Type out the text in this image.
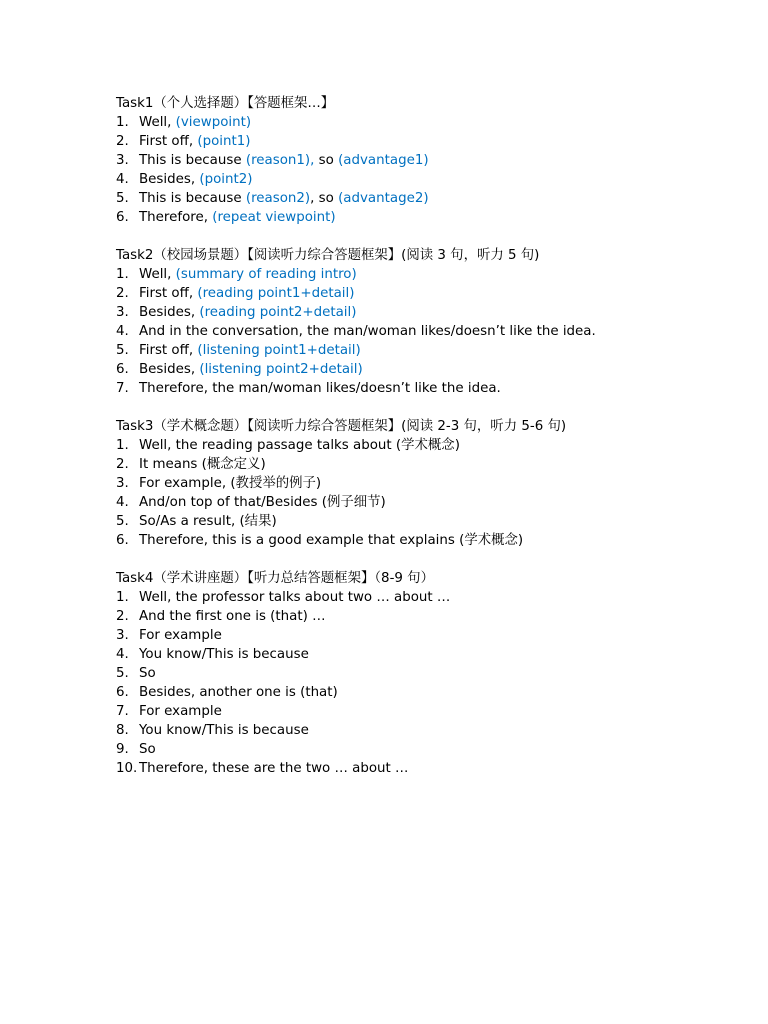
Task1（个人选择题）【答题框架…】
1. Well, (viewpoint)
2. First off, (point1)
3. This is because (reason1), so (advantage1)
4. Besides, (point2)
5. This is because (reason2), so (advantage2)
6. Therefore, (repeat viewpoint)
Task2（校园场景题）【阅读听力综合答题框架】(阅读 3 句，听力 5 句)
1. Well, (summary of reading intro)
2. First off, (reading point1+detail)
3. Besides, (reading point2+detail)
4. And in the conversation, the man/woman likes/doesn’t like the idea.
5. First off, (listening point1+detail)
6. Besides, (listening point2+detail)
7. Therefore, the man/woman likes/doesn’t like the idea.
Task3（学术概念题）【阅读听力综合答题框架】(阅读 2-3 句，听力 5-6 句)
1. Well, the reading passage talks about (学术概念)
2. It means (概念定义)
3. For example, (教授举的例子)
4. And/on top of that/Besides (例子细节)
5. So/As a result, (结果)
6. Therefore, this is a good example that explains (学术概念)
Task4（学术讲座题）【听力总结答题框架】（8-9 句）
1. Well, the professor talks about two … about …
2. And the first one is (that) …
3. For example
4. You know/This is because
5. So
6. Besides, another one is (that)
7. For example
8. You know/This is because
9. So
10. Therefore, these are the two … about …
